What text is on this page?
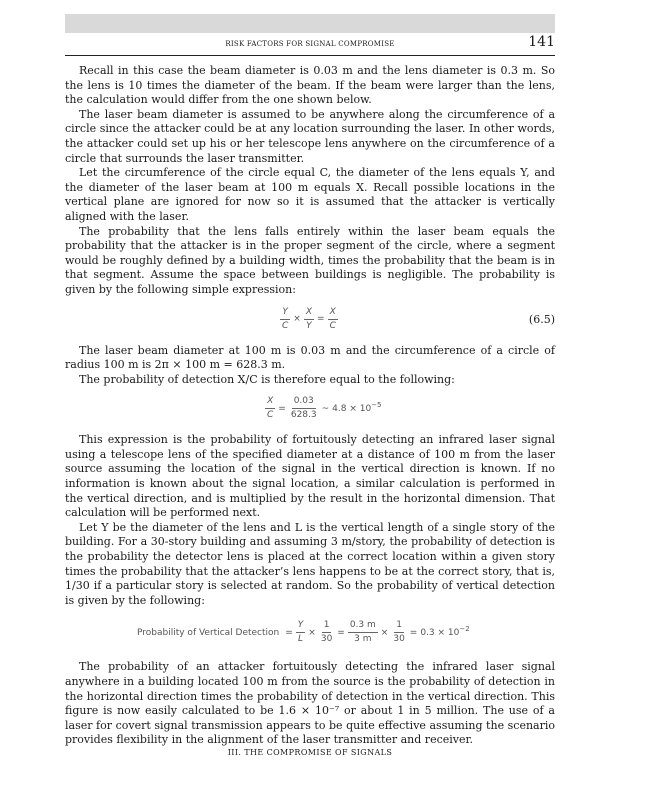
RISK FACTORS FOR SIGNAL COMPROMISE	141

Recall in this case the beam diameter is 0.03 m and the lens diameter is 0.3 m. So the lens is 10 times the diameter of the beam. If the beam were larger than the lens, the calculation would differ from the one shown below.

The laser beam diameter is assumed to be anywhere along the circumference of a circle since the attacker could be at any location surrounding the laser. In other words, the attacker could set up his or her telescope lens anywhere on the circumference of a circle that surrounds the laser transmitter.

Let the circumference of the circle equal C, the diameter of the lens equals Y, and the diameter of the laser beam at 100 m equals X. Recall possible locations in the vertical plane are ignored for now so it is assumed that the attacker is vertically aligned with the laser.

The probability that the lens falls entirely within the laser beam equals the probability that the attacker is in the proper segment of the circle, where a segment would be roughly defined by a building width, times the probability that the beam is in that segment. Assume the space between buildings is negligible. The probability is given by the following simple expression:

$\frac{Y}{C} \times \frac{X}{Y} = \frac{X}{C}$	(6.5)

The laser beam diameter at 100 m is 0.03 m and the circumference of a circle of radius 100 m is 2π × 100 m = 628.3 m.

The probability of detection X/C is therefore equal to the following:

$\frac{X}{C} = \frac{0.03}{628.3}$ ~ $4.8 \times 10^{-5}$

This expression is the probability of fortuitously detecting an infrared laser signal using a telescope lens of the specified diameter at a distance of 100 m from the laser source assuming the location of the signal in the vertical direction is known. If no information is known about the signal location, a similar calculation is performed in the vertical direction, and is multiplied by the result in the horizontal dimension. That calculation will be performed next.

Let Y be the diameter of the lens and L is the vertical length of a single story of the building. For a 30-story building and assuming 3 m/story, the probability of detection is the probability the detector lens is placed at the correct location within a given story times the probability that the attacker’s lens happens to be at the correct story, that is, 1/30 if a particular story is selected at random. So the probability of vertical detection is given by the following:

Probability of Vertical Detection = $\frac{Y}{L} \times \frac{1}{30} = \frac{0.3 m}{3 m} \times \frac{1}{30} = 0.3 \times 10^{-2}$

The probability of an attacker fortuitously detecting the infrared laser signal anywhere in a building located 100 m from the source is the probability of detection in the horizontal direction times the probability of detection in the vertical direction. This figure is now easily calculated to be 1.6 × 10⁻⁷ or about 1 in 5 million. The use of a laser for covert signal transmission appears to be quite effective assuming the scenario provides flexibility in the alignment of the laser transmitter and receiver.

III. THE COMPROMISE OF SIGNALS
